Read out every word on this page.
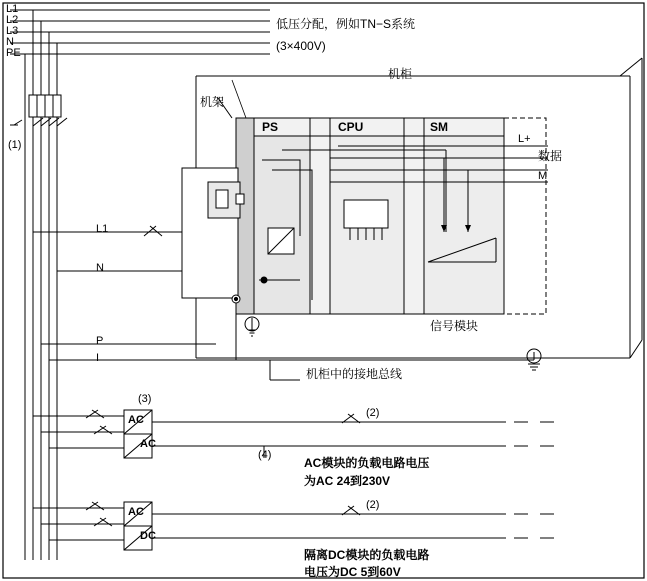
L1
L2
L3
N
PE
低压分配，例如TN−S系统
(3×400V)
(1)
机柜
机架
PS	CPU	SM
L+
数据
M
信号模块
机柜中的接地总线
L1
N
P
I
(3)
AC
AC
(2)
(4)
AC模块的负载电路电压
为AC 24到230V
AC
DC
(2)
隔离DC模块的负载电路
电压为DC 5到60V
